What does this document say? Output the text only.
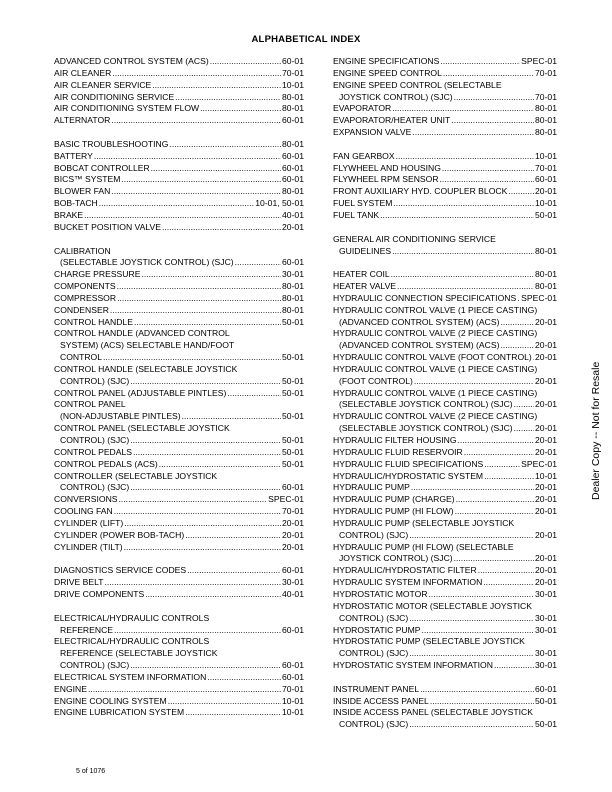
ALPHABETICAL INDEX
ADVANCED CONTROL SYSTEM (ACS) .....	60-01
AIR CLEANER .....	70-01
AIR CLEANER SERVICE .....	10-01
AIR CONDITIONING SERVICE .....	80-01
AIR CONDITIONING SYSTEM FLOW .....	80-01
ALTERNATOR .....	60-01
BASIC TROUBLESHOOTING .....	80-01
BATTERY .....	60-01
BOBCAT CONTROLLER .....	60-01
BICS™ SYSTEM .....	60-01
BLOWER FAN .....	80-01
BOB-TACH .....	10-01, 50-01
BRAKE .....	40-01
BUCKET POSITION VALVE .....	20-01
CALIBRATION
(SELECTABLE JOYSTICK CONTROL) (SJC) .....	60-01
CHARGE PRESSURE .....	30-01
COMPONENTS .....	80-01
COMPRESSOR .....	80-01
CONDENSER .....	80-01
CONTROL HANDLE .....	50-01
CONTROL HANDLE (ADVANCED CONTROL
SYSTEM) (ACS) SELECTABLE HAND/FOOT
CONTROL .....	50-01
CONTROL HANDLE (SELECTABLE JOYSTICK
CONTROL) (SJC) .....	50-01
CONTROL PANEL (ADJUSTABLE PINTLES) .....	50-01
CONTROL PANEL
(NON-ADJUSTABLE PINTLES) .....	50-01
CONTROL PANEL (SELECTABLE JOYSTICK
CONTROL) (SJC) .....	50-01
CONTROL PEDALS .....	50-01
CONTROL PEDALS (ACS) .....	50-01
CONTROLLER (SELECTABLE JOYSTICK
CONTROL) (SJC) .....	60-01
CONVERSIONS .....	SPEC-01
COOLING FAN .....	70-01
CYLINDER (LIFT) .....	20-01
CYLINDER (POWER BOB-TACH) .....	20-01
CYLINDER (TILT) .....	20-01
DIAGNOSTICS SERVICE CODES .....	60-01
DRIVE BELT .....	30-01
DRIVE COMPONENTS .....	40-01
ELECTRICAL/HYDRAULIC CONTROLS
REFERENCE .....	60-01
ELECTRICAL/HYDRAULIC CONTROLS
REFERENCE (SELECTABLE JOYSTICK
CONTROL) (SJC) .....	60-01
ELECTRICAL SYSTEM INFORMATION .....	60-01
ENGINE .....	70-01
ENGINE COOLING SYSTEM .....	10-01
ENGINE LUBRICATION SYSTEM .....	10-01
ENGINE SPECIFICATIONS .....	SPEC-01
ENGINE SPEED CONTROL .....	70-01
ENGINE SPEED CONTROL (SELECTABLE
JOYSTICK CONTROL) (SJC) .....	70-01
EVAPORATOR .....	80-01
EVAPORATOR/HEATER UNIT .....	80-01
EXPANSION VALVE .....	80-01
FAN GEARBOX .....	10-01
FLYWHEEL AND HOUSING .....	70-01
FLYWHEEL RPM SENSOR .....	60-01
FRONT AUXILIARY HYD. COUPLER BLOCK .....	20-01
FUEL SYSTEM .....	10-01
FUEL TANK .....	50-01
GENERAL AIR CONDITIONING SERVICE
GUIDELINES .....	80-01
HEATER COIL .....	80-01
HEATER VALVE .....	80-01
HYDRAULIC CONNECTION SPECIFICATIONS ..... SPEC-01
HYDRAULIC CONTROL VALVE (1 PIECE CASTING)
(ADVANCED CONTROL SYSTEM) (ACS) .....	20-01
HYDRAULIC CONTROL VALVE (2 PIECE CASTING)
(ADVANCED CONTROL SYSTEM) (ACS) .....	20-01
HYDRAULIC CONTROL VALVE (FOOT CONTROL) ..... 20-01
HYDRAULIC CONTROL VALVE (1 PIECE CASTING)
(FOOT CONTROL) .....	20-01
HYDRAULIC CONTROL VALVE (1 PIECE CASTING)
(SELECTABLE JOYSTICK CONTROL) (SJC) .....	20-01
HYDRAULIC CONTROL VALVE (2 PIECE CASTING)
(SELECTABLE JOYSTICK CONTROL) (SJC) .....	20-01
HYDRAULIC FILTER HOUSING .....	20-01
HYDRAULIC FLUID RESERVOIR .....	20-01
HYDRAULIC FLUID SPECIFICATIONS .....	SPEC-01
HYDRAULIC/HYDROSTATIC SYSTEM .....	10-01
HYDRAULIC PUMP .....	20-01
HYDRAULIC PUMP (CHARGE) .....	20-01
HYDRAULIC PUMP (HI FLOW) .....	20-01
HYDRAULIC PUMP (SELECTABLE JOYSTICK
CONTROL) (SJC) .....	20-01
HYDRAULIC PUMP (HI FLOW) (SELECTABLE
JOYSTICK CONTROL) (SJC) .....	20-01
HYDRAULIC/HYDROSTATIC FILTER .....	20-01
HYDRAULIC SYSTEM INFORMATION .....	20-01
HYDROSTATIC MOTOR .....	30-01
HYDROSTATIC MOTOR (SELECTABLE JOYSTICK
CONTROL) (SJC) .....	30-01
HYDROSTATIC PUMP .....	30-01
HYDROSTATIC PUMP (SELECTABLE JOYSTICK
CONTROL) (SJC) .....	30-01
HYDROSTATIC SYSTEM INFORMATION .....	30-01
INSTRUMENT PANEL .....	60-01
INSIDE ACCESS PANEL .....	50-01
INSIDE ACCESS PANEL (SELECTABLE JOYSTICK
CONTROL) (SJC) .....	50-01
Dealer Copy -- Not for Resale
5 of 1076
